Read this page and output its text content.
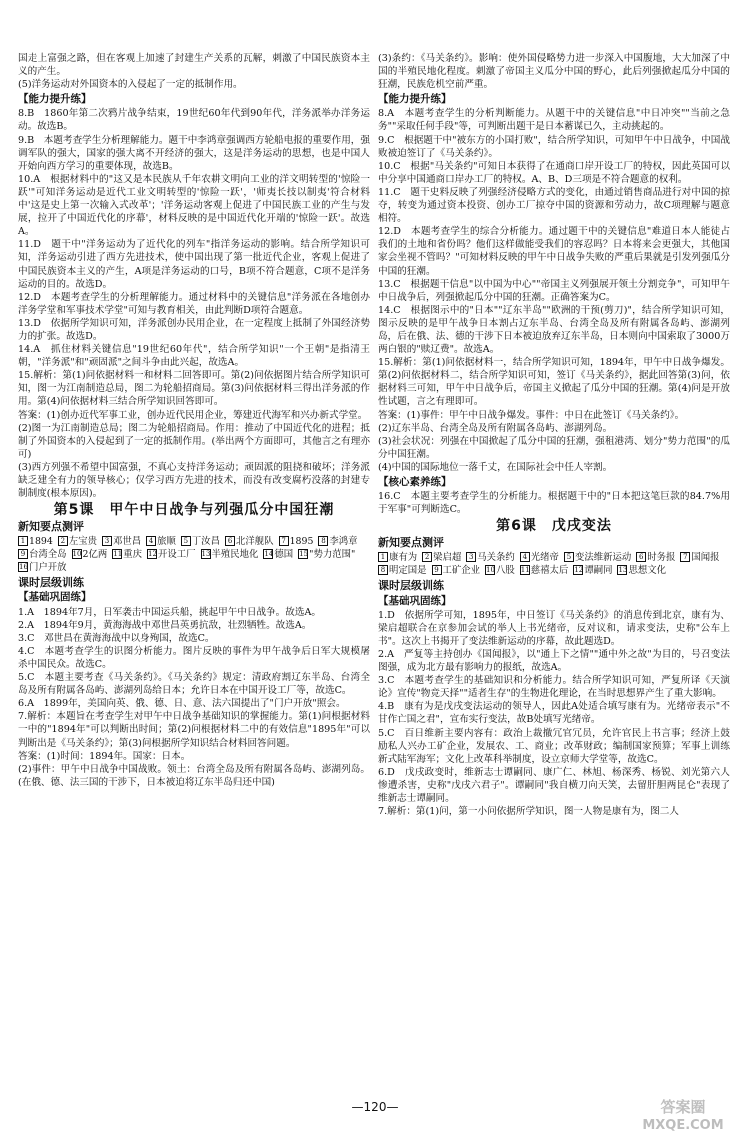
国走上富强之路，但在客观上加速了封建生产关系的瓦解，刺激了中国民族资本主义的产生。

(5)洋务运动对外国资本的入侵起了一定的抵制作用。

【 能力提升练 】

8.B　1860年第二次鸦片战争结束，19世纪60年代到90年代，洋务派举办洋务运动。故选B。

9.B　本题考查学生分析理解能力。题干中李鸿章强调西方轮船电报的重要作用，强调军队的强大，国家的强大离不开经济的强大，这是洋务运动的思想，也是中国人开始向西方学习的重要体现，故选B。

10.A　根据材料中的"这又是本民族从千年农耕文明向工业的洋文明转型的'惊险一跃'"可知洋务运动是近代工业文明转型的'惊险一跃'，'师夷长技以制夷'符合材料中'这是史上第一次输入式改革'；'洋务运动客观上促进了中国民族工业的产生与发展，拉开了中国近代化的序幕'，材料反映的是中国近代化开端的'惊险一跃'。故选A。

11.D　题干中"洋务运动为了近代化的列车"指洋务运动的影响。结合所学知识可知，洋务运动引进了西方先进技术，使中国出现了第一批近代企业，客观上促进了中国民族资本主义的产生，A项是洋务运动的口号，B项不符合题意，C项不是洋务运动的目的。故选D。

12.D　本题考查学生的分析理解能力。通过材料中的关键信息"洋务派在各地创办洋务学堂和军事技术学堂"可知与教育相关，由此判断D项符合题意。

13.D　依据所学知识可知，洋务派创办民用企业，在一定程度上抵制了外国经济势力的扩张。故选D。

14.A　抓住材料关键信息"19世纪60年代"，结合所学知识"一个王朝"是指清王朝，"洋务派"和"顽固派"之间斗争由此兴起，故选A。

15.解析：第(1)问依据材料一和材料二回答即可。第(2)问依据图片结合所学知识可知，图一为江南制造总局，图二为轮船招商局。第(3)问依据材料三得出洋务派的作用。第(4)问依据材料三结合所学知识回答即可。

答案：(1)创办近代军事工业，创办近代民用企业，筹建近代海军和兴办新式学堂。

(2)图一为江南制造总局；图二为轮船招商局。作用：推动了中国近代化的进程；抵制了外国资本的入侵起到了一定的抵制作用。(举出两个方面即可，其他言之有理亦可)

(3)西方列强不希望中国富强，不真心支持洋务运动；顽固派的阻挠和破坏；洋务派缺乏建全有力的领导核心；仅学习西方先进的技术，而没有改变腐朽没落的封建专制制度(根本原因)。

第5课　甲午中日战争与列强瓜分中国狂潮
新知要点测评
1 1894	2 左宝贵	3 邓世昌	4 旅顺	5 丁汝昌	6 北洋舰队	7 1895	8 李鸿章
9 台湾全岛 102亿两 11重庆 12开设工厂 13半殖民地化 14德国 15"势力范围"
16门户开放
课时层级训练
【 基础巩固练 】

1.A　1894年7月，日军袭击中国运兵船，挑起甲午中日战争。故选A。

2.A　1894年9月，黄海海战中邓世昌英勇抗敌，壮烈牺牲。故选A。

3.C　邓世昌在黄海海战中以身殉国，故选C。

4.C　本题考查学生的识图分析能力。图片反映的事件为甲午战争后日军大规模屠杀中国民众。故选C。

5.C　本题主要考查《马关条约》。《马关条约》规定：清政府割辽东半岛、台湾全岛及所有附属各岛屿、澎湖列岛给日本；允许日本在中国开设工厂等，故选C。

6.A　1899年，美国向英、俄、德、日、意、法六国提出了"门户开放"照会。

7.解析：本题旨在考查学生对甲午中日战争基础知识的掌握能力。第(1)问根据材料一中的"1894年"可以判断出时间；第(2)问根据材料二中的有效信息"1895年"可以判断出是《马关条约》；第(3)问根据所学知识结合材料回答问题。

答案：(1)时间：1894年。国家：日本。

(2)事件：甲午中日战争中国战败。领土：台湾全岛及所有附属各岛屿、澎湖列岛。(在俄、德、法三国的干涉下，日本被迫将辽东半岛归还中国)

(3)条约：《马关条约》。影响：使外国侵略势力进一步深入中国腹地，大大加深了中国的半殖民地化程度。刺激了帝国主义瓜分中国的野心，此后列强掀起瓜分中国的狂潮，民族危机空前严重。

【 能力提升练 】

8.A　本题考查学生的分析判断能力。从题干中的关键信息"中日冲突""当前之急务""采取任何手段"等，可判断出题干是日本蓄谋已久，主动挑起的。

9.C　根据题干中"被东方的小国打败"，结合所学知识，可知甲午中日战争，中国战败被迫签订了《马关条约》。

10.C　根据"马关条约"可知日本获得了在通商口岸开设工厂的特权，因此英国可以中分享中国通商口岸办工厂的特权。A、B、D三项是不符合题意的权利。

11.C　题干史料反映了列强经济侵略方式的变化，由通过销售商品进行对中国的掠夺，转变为通过资本投资、创办工厂掠夺中国的资源和劳动力，故C项理解与题意相符。

12.D　本题考查学生的综合分析能力。通过题干中的关键信息"难道日本人能徒占我们的土地和省份吗？他们这样做能受我们的容忍吗？日本将来会更强大，其他国家会坐视不管吗？"可知材料反映的甲午中日战争失败的严重后果就是引发列强瓜分中国的狂潮。

13.C　根据题干信息"以中国为中心""帝国主义列强展开领土分割竞争"，可知甲午中日战争后，列强掀起瓜分中国的狂潮。正确答案为C。

14.C　根据图示中的"日本""辽东半岛""欧洲的干预(剪刀)"，结合所学知识可知，图示反映的是甲午战争日本割占辽东半岛、台湾全岛及所有附属各岛屿、澎湖列岛，后在俄、法、德的干涉下日本被迫放弃辽东半岛，日本则向中国索取了3000万两白银的"赎辽费"。故选A。

15.解析：第(1)问依据材料一，结合所学知识可知，1894年，甲午中日战争爆发。第(2)问依据材料二，结合所学知识可知，签订《马关条约》，据此回答第(3)问，依据材料三可知，甲午中日战争后，帝国主义掀起了瓜分中国的狂潮。第(4)问是开放性试题，言之有理即可。

答案：(1)事件：甲午中日战争爆发。事件：中日在此签订《马关条约》。

(2)辽东半岛、台湾全岛及所有附属各岛屿、澎湖列岛。

(3)社会状况：列强在中国掀起了瓜分中国的狂潮，强租港湾、划分"势力范围"的瓜分中国狂潮。

(4)中国的国际地位一落千丈，在国际社会中任人宰割。

【 核心素养练 】

16.C　本题主要考查学生的分析能力。根据题干中的"日本把这笔巨款的84.7%用于军事"可判断选C。

第6课　戊戌变法
新知要点测评
1 康有为	2 梁启超	3 马关条约	4 光绪帝	5 变法维新运动	6 时务报	7 国闻报
8 明定国是	9 工矿企业 10八股 11慈禧太后 12谭嗣同 13思想文化
课时层级训练
【 基础巩固练 】

1.D　依据所学可知，1895年，中日签订《马关条约》的消息传到北京，康有为、梁启超联合在京参加会试的举人上书光绪帝，反对议和，请求变法，史称"公车上书"。这次上书揭开了变法维新运动的序幕，故此题选D。

2.A　严复等主持创办《国闻报》，以"通上下之情""通中外之故"为目的，号召变法图强，成为北方最有影响力的报纸，故选A。

3.C　本题考查学生的基础知识和分析能力。结合所学知识可知，严复所译《天演论》宣传"物竞天择""适者生存"的生物进化理论，在当时思想界产生了重大影响。

4.B　康有为是戊戌变法运动的领导人，因此A处适合填写康有为。光绪帝表示"不甘作亡国之君"，宣布实行变法，故B处填写光绪帝。

5.C　百日维新主要内容有：政治上裁撤冗官冗员，允许官民上书言事；经济上鼓励私人兴办工矿企业，发展农、工、商业；改革财政；编制国家预算；军事上训练新式陆军海军；文化上改革科举制度，设立京师大学堂等，故选C。

6.D　戊戌政变时，维新志士谭嗣同、康广仁、林旭、杨深秀、杨锐、刘光第六人惨遭杀害，史称"戊戌六君子"。谭嗣同"我自横刀向天笑，去留肝胆两昆仑"表现了维新志士谭嗣同。

7.解析：第(1)问，第一小问依据所学知识，图一人物是康有为，图二人

—120—	答案圈
MXQE.COM
